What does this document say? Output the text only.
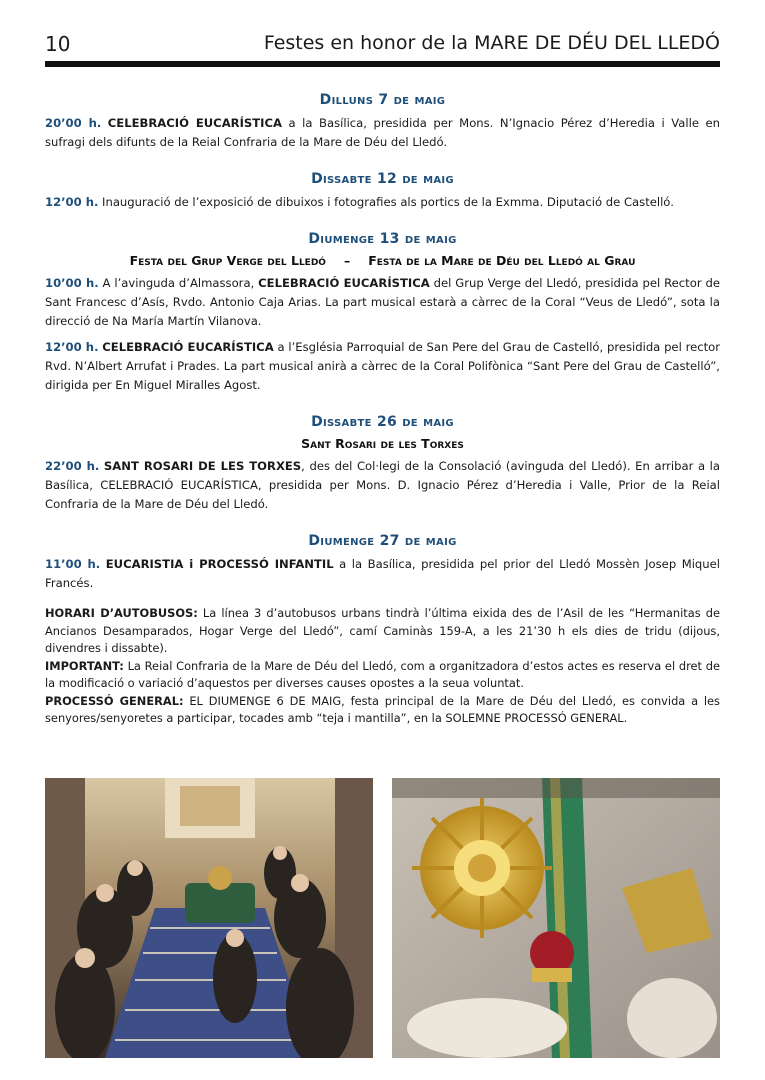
10	Festes en honor de la MARE DE DÉU DEL LLEDÓ
Dilluns 7 de maig

20’00 h. CELEBRACIÓ EUCARÍSTICA a la Basílica, presidida per Mons. N’Ignacio Pérez d’Heredia i Valle en sufragi dels difunts de la Reial Confraria de la Mare de Déu del Lledó.

Dissabte 12 de maig

12’00 h. Inauguració de l’exposició de dibuixos i fotografies als portics de la Exmma. Diputació de Castelló.

Diumenge 13 de maig
Festa del Grup Verge del Lledó – Festa de la Mare de Déu del Lledó al Grau

10’00 h. A l’avinguda d’Almassora, CELEBRACIÓ EUCARÍSTICA del Grup Verge del Lledó, presidida pel Rector de Sant Francesc d’Asís, Rvdo. Antonio Caja Arias. La part musical estarà a càrrec de la Coral “Veus de Lledó”, sota la direcció de Na María Martín Vilanova.

12’00 h. CELEBRACIÓ EUCARÍSTICA a l’Església Parroquial de San Pere del Grau de Castelló, presidida pel rector Rvd. N’Albert Arrufat i Prades. La part musical anirà a càrrec de la Coral Polifònica “Sant Pere del Grau de Castelló”, dirigida per En Miguel Miralles Agost.

Dissabte 26 de maig
Sant Rosari de les Torxes

22’00 h. SANT ROSARI DE LES TORXES, des del Col·legi de la Consolació (avinguda del Lledó). En arribar a la Basílica, CELEBRACIÓ EUCARÍSTICA, presidida per Mons. D. Ignacio Pérez d’Heredia i Valle, Prior de la Reial Confraria de la Mare de Déu del Lledó.

Diumenge 27 de maig

11’00 h. EUCARISTIA i PROCESSÓ INFANTIL a la Basílica, presidida pel prior del Lledó Mossèn Josep Miquel Francés.

HORARI D’AUTOBUSOS: La línea 3 d’autobusos urbans tindrà l’última eixida des de l’Asil de les “Hermanitas de Ancianos Desamparados, Hogar Verge del Lledó”, camí Caminàs 159-A, a les 21’30 h els dies de tridu (dijous, divendres i dissabte).

IMPORTANT: La Reial Confraria de la Mare de Déu del Lledó, com a organitzadora d’estos actes es reserva el dret de la modificació o variació d’aquestos per diverses causes opostes a la seua voluntat.

PROCESSÓ GENERAL: EL DIUMENGE 6 DE MAIG, festa principal de la Mare de Déu del Lledó, es convida a les senyores/senyoretes a participar, tocades amb “teja i mantilla”, en la SOLEMNE PROCESSÓ GENERAL.
